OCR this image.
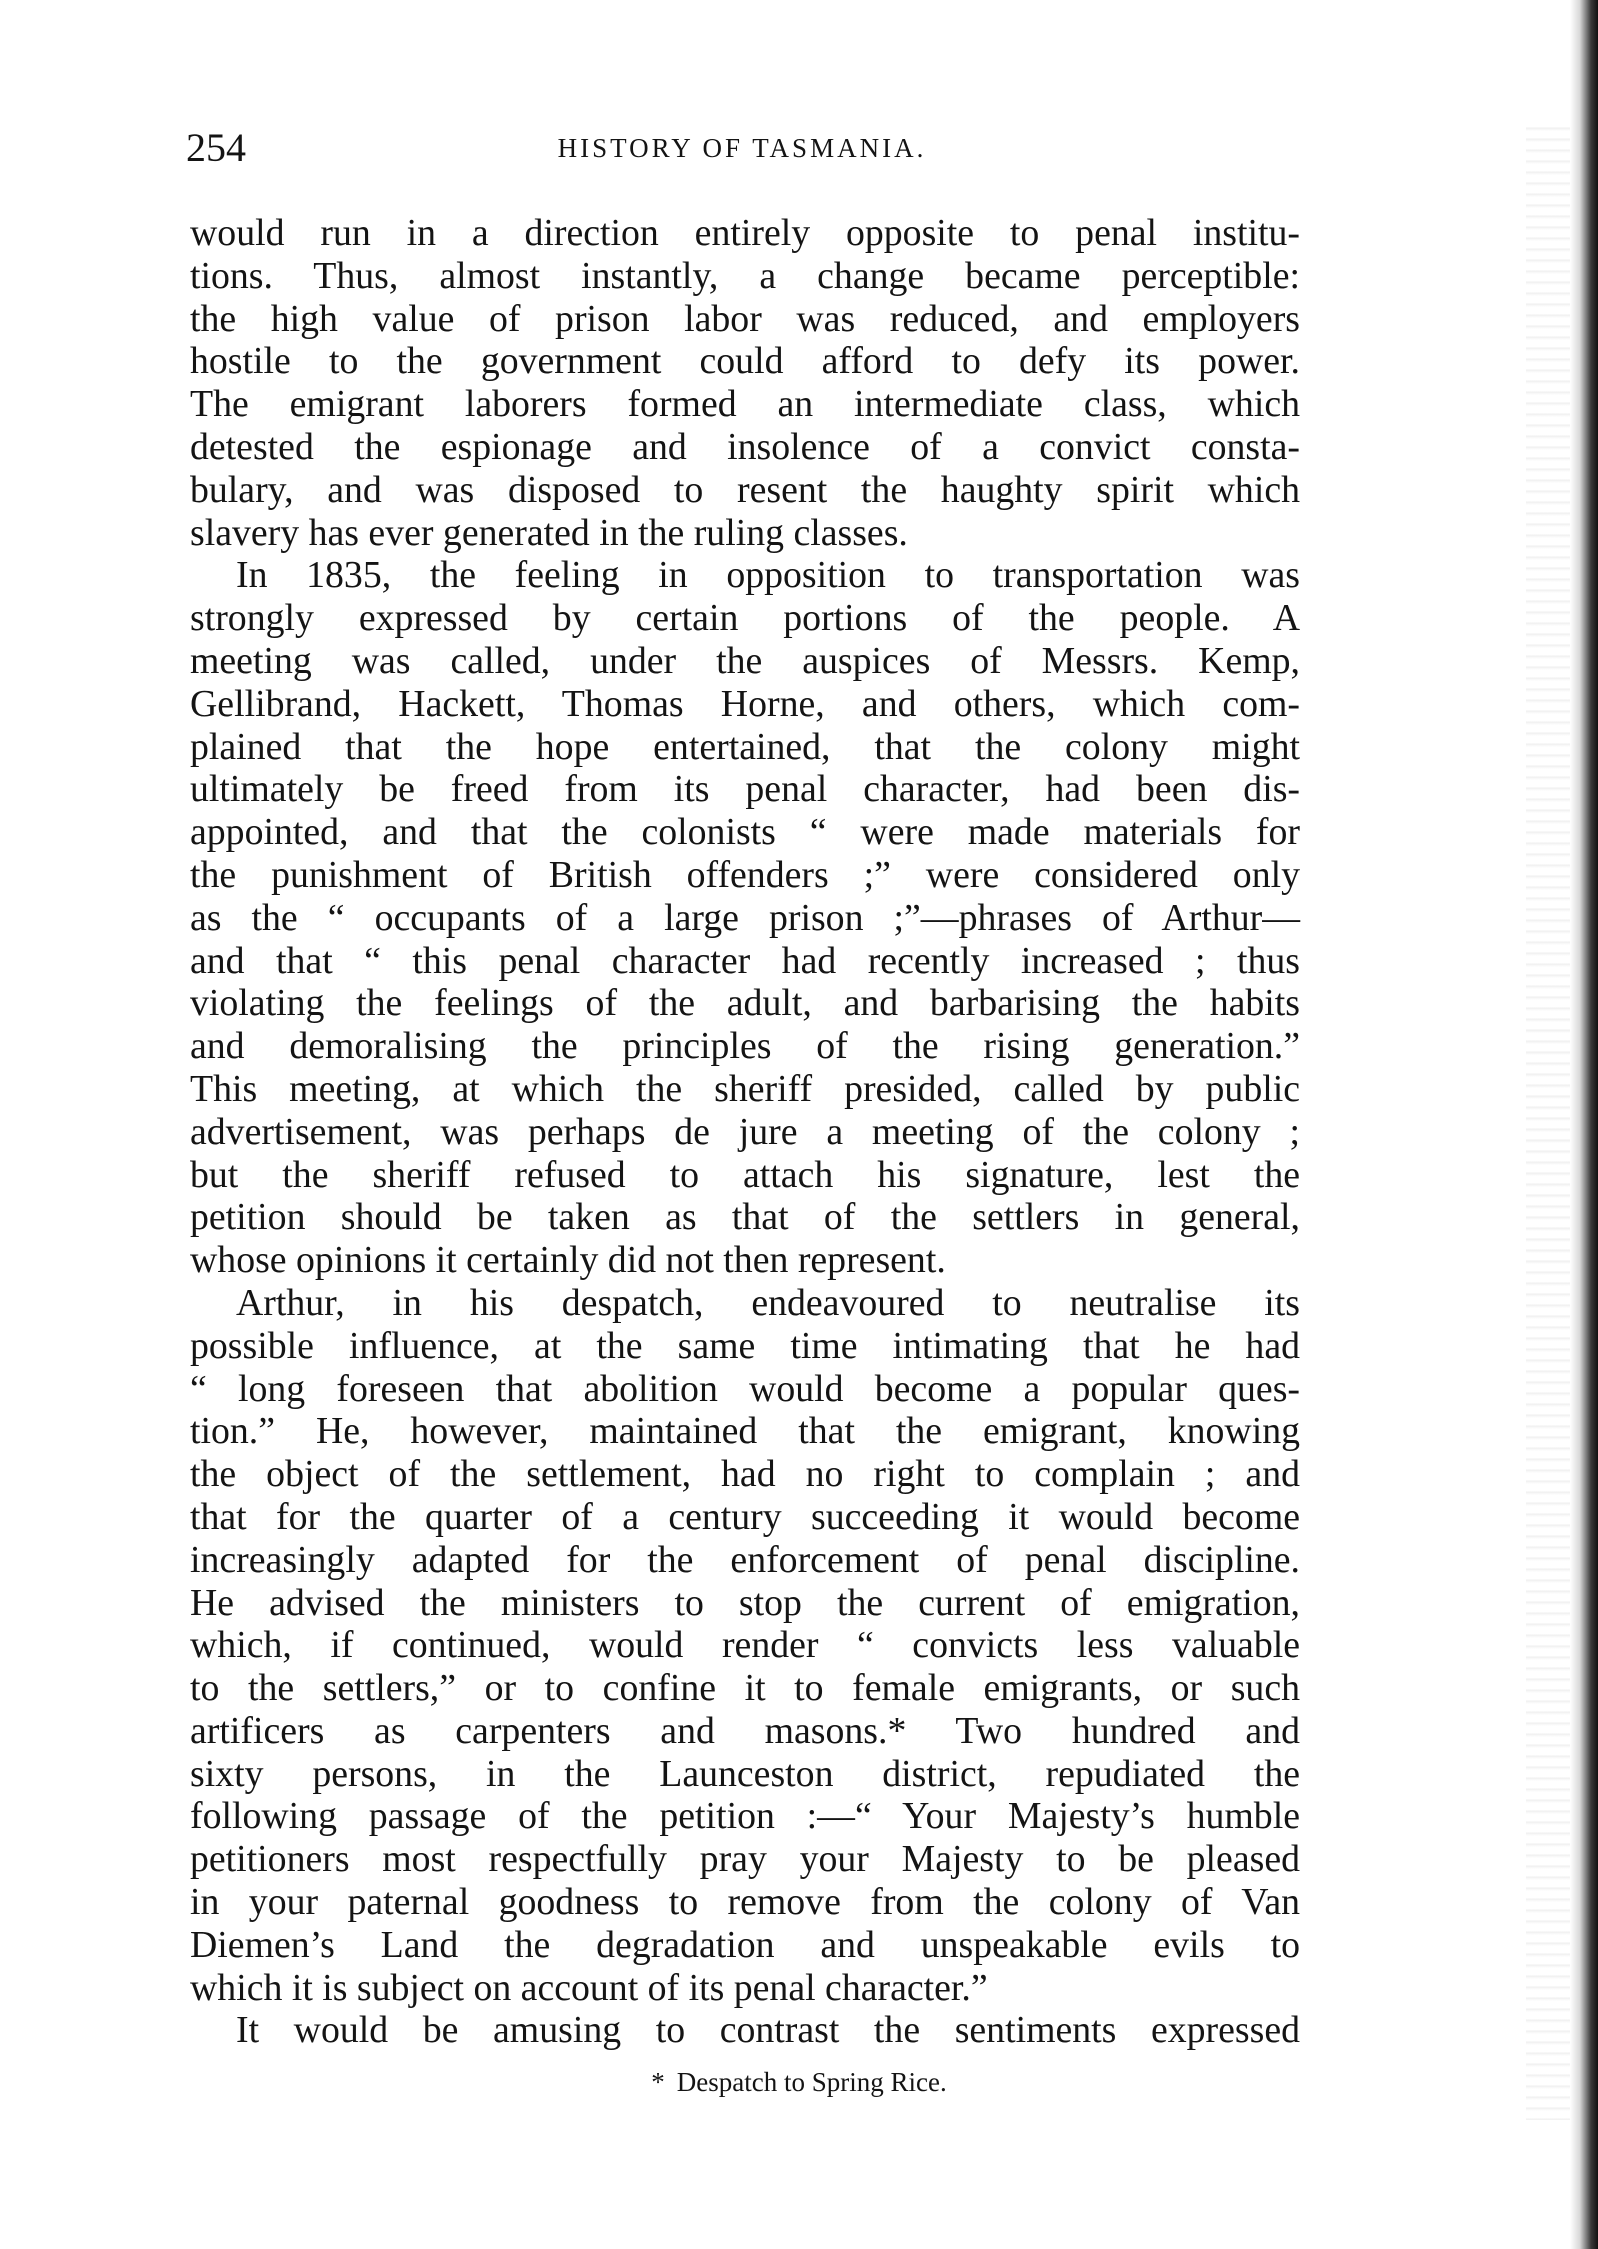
254	HISTORY OF TASMANIA.
would run in a direction entirely opposite to penal institu-
tions. Thus, almost instantly, a change became perceptible:
the high value of prison labor was reduced, and employers
hostile to the government could afford to defy its power.
The emigrant laborers formed an intermediate class, which
detested the espionage and insolence of a convict consta-
bulary, and was disposed to resent the haughty spirit which
slavery has ever generated in the ruling classes.
In 1835, the feeling in opposition to transportation was
strongly expressed by certain portions of the people. A
meeting was called, under the auspices of Messrs. Kemp,
Gellibrand, Hackett, Thomas Horne, and others, which com-
plained that the hope entertained, that the colony might
ultimately be freed from its penal character, had been dis-
appointed, and that the colonists “ were made materials for
the punishment of British offenders ;” were considered only
as the “ occupants of a large prison ;”—phrases of Arthur—
and that “ this penal character had recently increased ; thus
violating the feelings of the adult, and barbarising the habits
and demoralising the principles of the rising generation.”
This meeting, at which the sheriff presided, called by public
advertisement, was perhaps de jure a meeting of the colony ;
but the sheriff refused to attach his signature, lest the
petition should be taken as that of the settlers in general,
whose opinions it certainly did not then represent.
Arthur, in his despatch, endeavoured to neutralise its
possible influence, at the same time intimating that he had
“ long foreseen that abolition would become a popular ques-
tion.” He, however, maintained that the emigrant, knowing
the object of the settlement, had no right to complain ; and
that for the quarter of a century succeeding it would become
increasingly adapted for the enforcement of penal discipline.
He advised the ministers to stop the current of emigration,
which, if continued, would render “ convicts less valuable
to the settlers,” or to confine it to female emigrants, or such
artificers as carpenters and masons.* Two hundred and
sixty persons, in the Launceston district, repudiated the
following passage of the petition :—“ Your Majesty’s humble
petitioners most respectfully pray your Majesty to be pleased
in your paternal goodness to remove from the colony of Van
Diemen’s Land the degradation and unspeakable evils to
which it is subject on account of its penal character.”
It would be amusing to contrast the sentiments expressed
* Despatch to Spring Rice.
